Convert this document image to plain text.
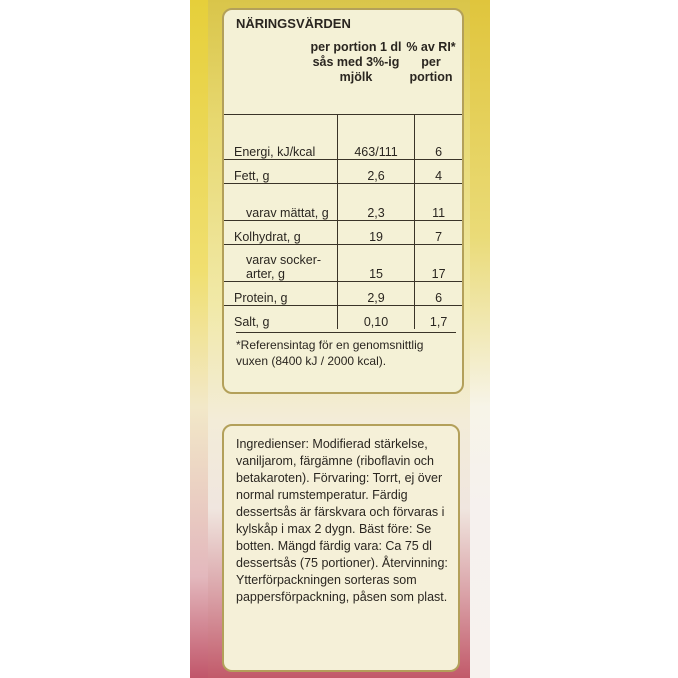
NÄRINGSVÄRDEN
per portion 1 dl sås med 3%-ig mjölk
% av RI* per portion
Energi, kJ/kcal	463/111	6
Fett, g	2,6	4
varav mättat, g	2,3	11
Kolhydrat, g	19	7
varav socker-arter, g	15	17
Protein, g	2,9	6
Salt, g	0,10	1,7
*Referensintag för en genomsnittlig vuxen (8400 kJ / 2000 kcal).
Ingredienser: Modifierad stärkelse, vaniljarom, färgämne (riboflavin och betakaroten). Förvaring: Torrt, ej över normal rumstemperatur. Färdig dessertsås är färskvara och förvaras i kylskåp i max 2 dygn. Bäst före: Se botten. Mängd färdig vara: Ca 75 dl dessertsås (75 portioner). Återvinning: Ytterförpackningen sorteras som pappersförpackning, påsen som plast.
